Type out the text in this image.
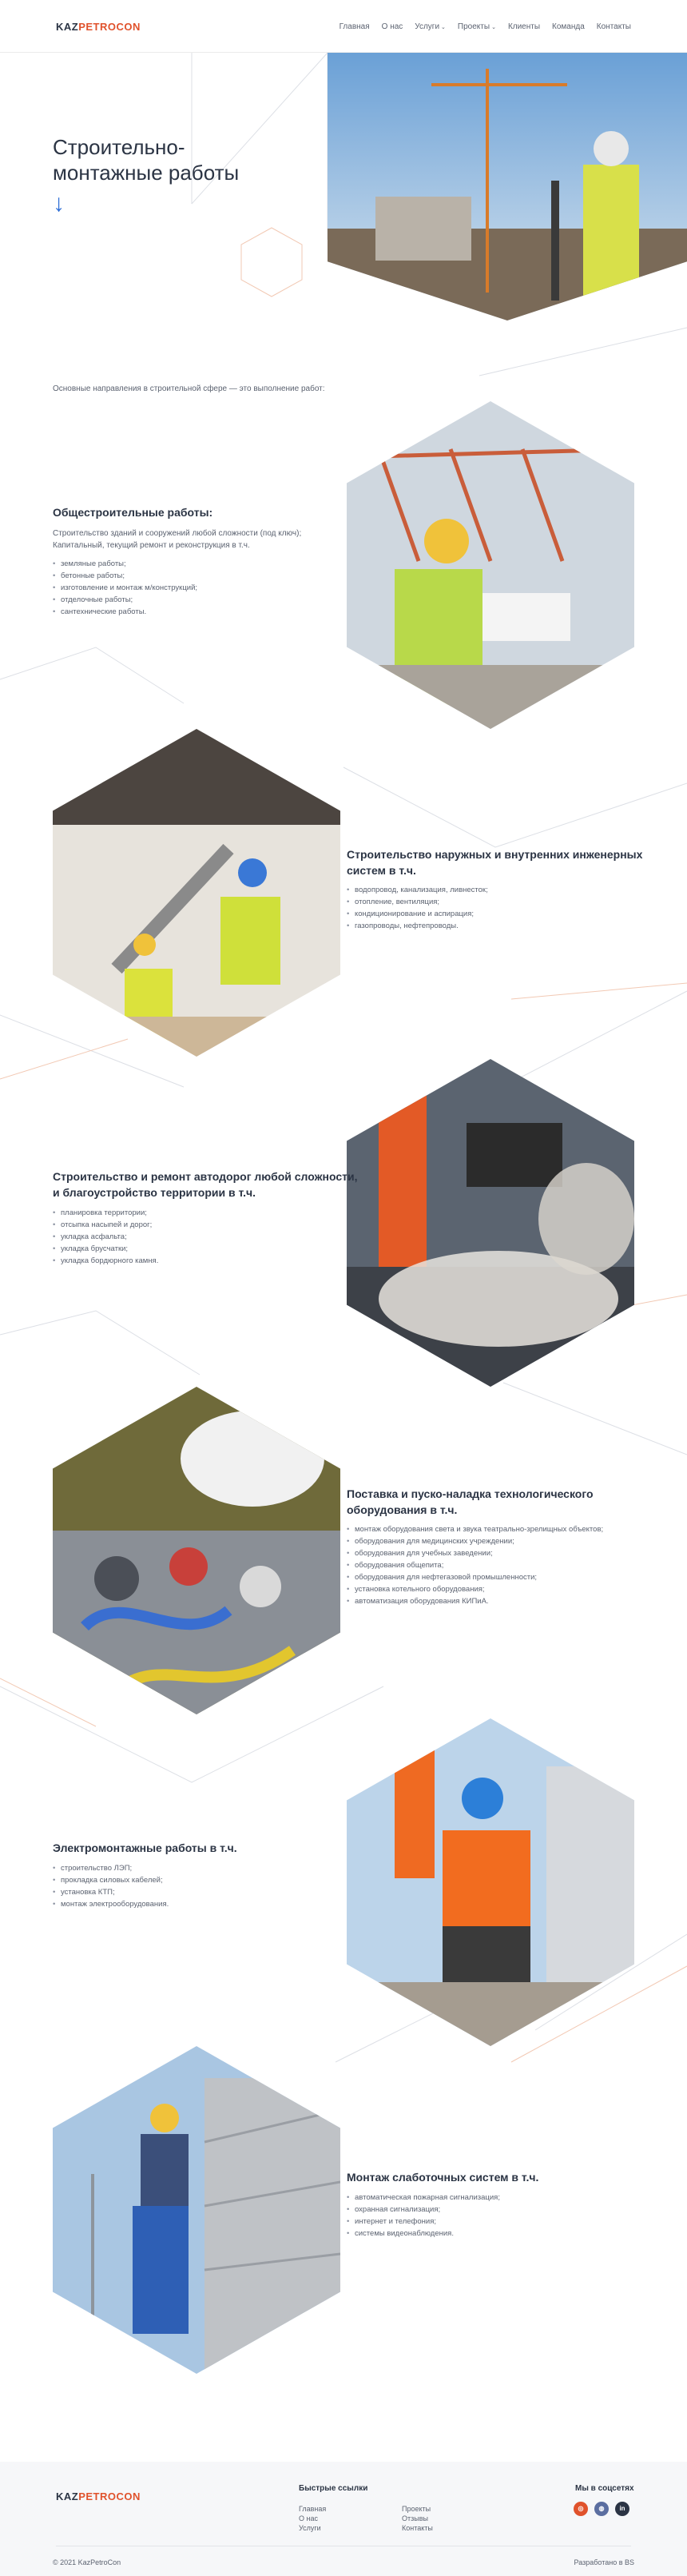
KAZPETROCON	Главная О нас Услуги ⌄ Проекты ⌄ Клиенты Команда Контакты
Строительно-
монтажные работы
↓
Основные направления в строительной сфере — это выполнение работ:
Общестроительные работы:
Строительство зданий и сооружений любой сложности (под ключ);
Капитальный, текущий ремонт и реконструкция в т.ч.
• земляные работы;
• бетонные работы;
• изготовление и монтаж м/конструкций;
• отделочные работы;
• сантехнические работы.
Строительство наружных и внутренних инженерных
систем в т.ч.
• водопровод, канализация, ливнесток;
• отопление, вентиляция;
• кондиционирование и аспирация;
• газопроводы, нефтепроводы.
Строительство и ремонт автодорог любой сложности,
и благоустройство территории в т.ч.
• планировка территории;
• отсыпка насыпей и дорог;
• укладка асфальта;
• укладка брусчатки;
• укладка бордюрного камня.
Поставка и пуско-наладка технологического
оборудования в т.ч.
• монтаж оборудования света и звука театрально-зрелищных объектов;
• оборудования для медицинских учреждении;
• оборудования для учебных заведении;
• оборудования общепита;
• оборудования для нефтегазовой промышленности;
• установка котельного оборудования;
• автоматизация оборудования КИПиА.
Электромонтажные работы в т.ч.
• строительство ЛЭП;
• прокладка силовых кабелей;
• установка КТП;
• монтаж электрооборудования.
Монтаж слаботочных систем в т.ч.
• автоматическая пожарная сигнализация;
• охранная сигнализация;
• интернет и телефония;
• системы видеонаблюдения.
KAZPETROCON
Быстрые ссылки
Главная
О нас
Услуги
Проекты
Отзывы
Контакты
Мы в соцсетях
◎	◍	in
© 2021 KazPetroCon	Разработано в BS
